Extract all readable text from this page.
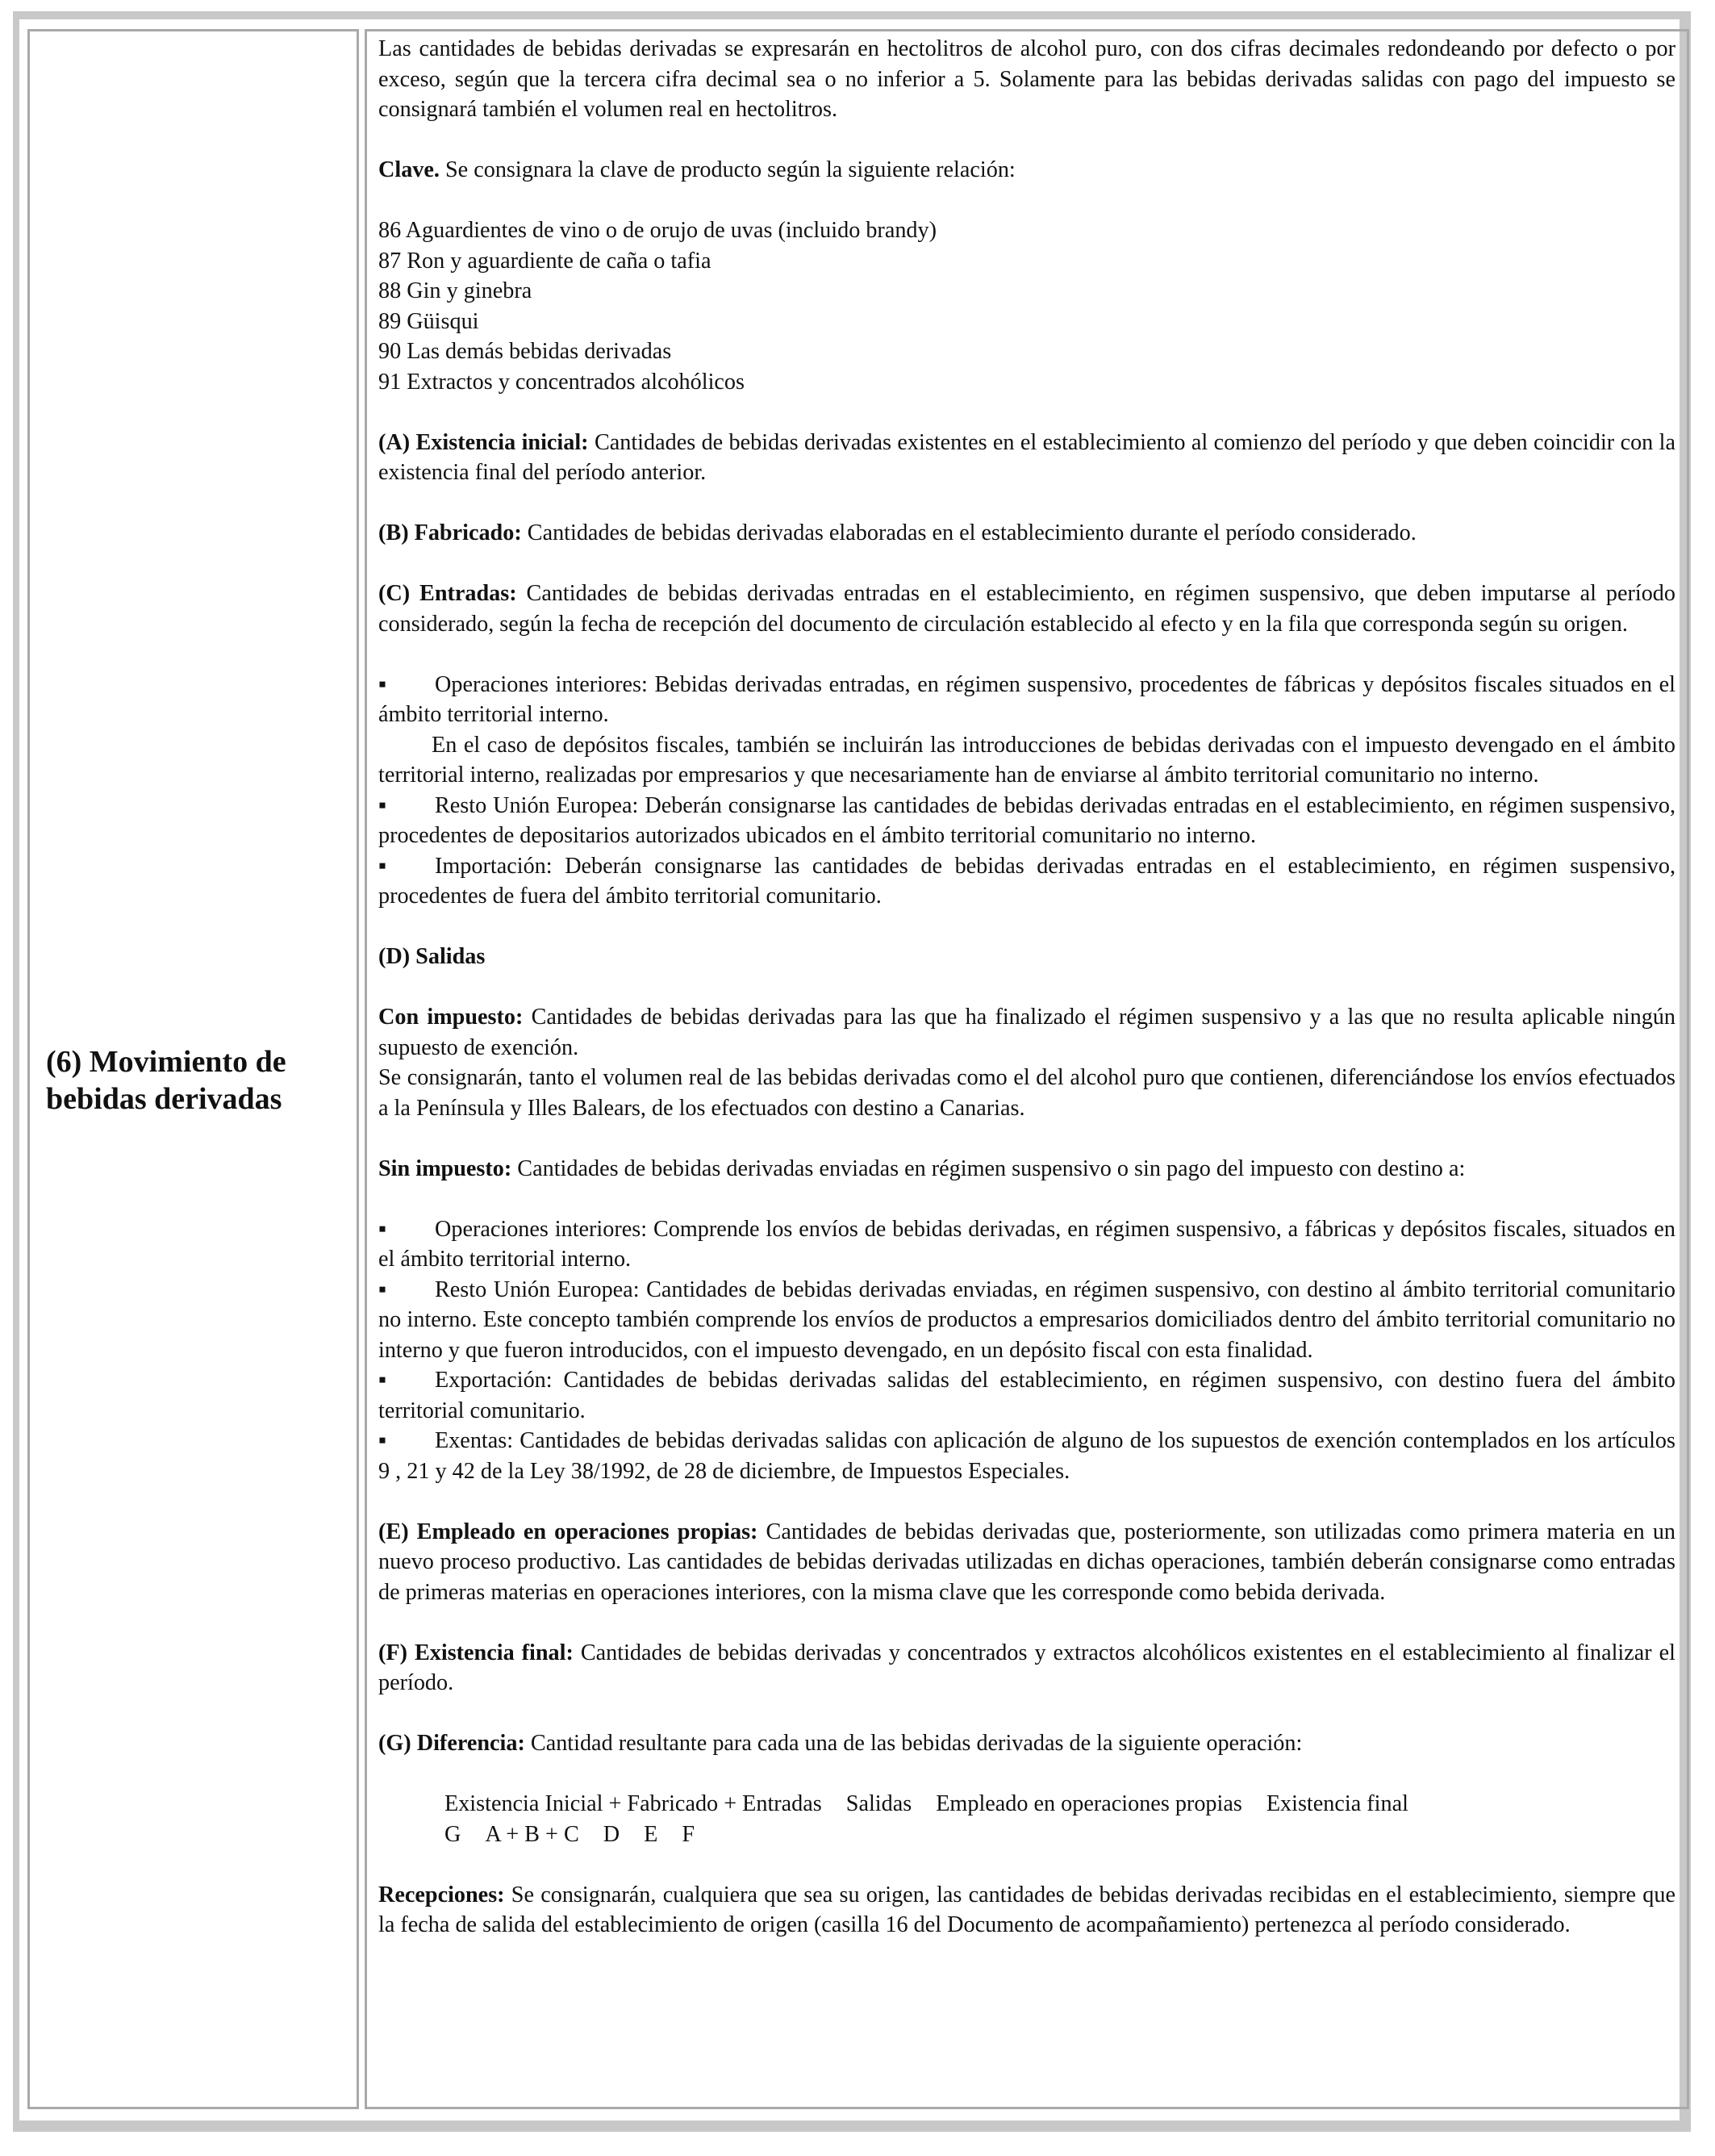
(6) Movimiento de bebidas derivadas

Las cantidades de bebidas derivadas se expresarán en hectolitros de alcohol puro, con dos cifras decimales redondeando por defecto o por exceso, según que la tercera cifra decimal sea o no inferior a 5. Solamente para las bebidas derivadas salidas con pago del impuesto se consignará también el volumen real en hectolitros.

Clave. Se consignara la clave de producto según la siguiente relación:

86 Aguardientes de vino o de orujo de uvas (incluido brandy)

87 Ron y aguardiente de caña o tafia

88 Gin y ginebra

89 Güisqui

90 Las demás bebidas derivadas

91 Extractos y concentrados alcohólicos

(A) Existencia inicial: Cantidades de bebidas derivadas existentes en el establecimiento al comienzo del período y que deben coincidir con la existencia final del período anterior.

(B) Fabricado: Cantidades de bebidas derivadas elaboradas en el establecimiento durante el período considerado.

(C) Entradas: Cantidades de bebidas derivadas entradas en el establecimiento, en régimen suspensivo, que deben imputarse al período considerado, según la fecha de recepción del documento de circulación establecido al efecto y en la fila que corresponda según su origen.

▪ Operaciones interiores: Bebidas derivadas entradas, en régimen suspensivo, procedentes de fábricas y depósitos fiscales situados en el ámbito territorial interno.

En el caso de depósitos fiscales, también se incluirán las introducciones de bebidas derivadas con el impuesto devengado en el ámbito territorial interno, realizadas por empresarios y que necesariamente han de enviarse al ámbito territorial comunitario no interno.

▪ Resto Unión Europea: Deberán consignarse las cantidades de bebidas derivadas entradas en el establecimiento, en régimen suspensivo, procedentes de depositarios autorizados ubicados en el ámbito territorial comunitario no interno.

▪ Importación: Deberán consignarse las cantidades de bebidas derivadas entradas en el establecimiento, en régimen suspensivo, procedentes de fuera del ámbito territorial comunitario.

(D) Salidas

Con impuesto: Cantidades de bebidas derivadas para las que ha finalizado el régimen suspensivo y a las que no resulta aplicable ningún supuesto de exención.

Se consignarán, tanto el volumen real de las bebidas derivadas como el del alcohol puro que contienen, diferenciándose los envíos efectuados a la Península y Illes Balears, de los efectuados con destino a Canarias.

Sin impuesto: Cantidades de bebidas derivadas enviadas en régimen suspensivo o sin pago del impuesto con destino a:

▪ Operaciones interiores: Comprende los envíos de bebidas derivadas, en régimen suspensivo, a fábricas y depósitos fiscales, situados en el ámbito territorial interno.

▪ Resto Unión Europea: Cantidades de bebidas derivadas enviadas, en régimen suspensivo, con destino al ámbito territorial comunitario no interno. Este concepto también comprende los envíos de productos a empresarios domiciliados dentro del ámbito territorial comunitario no interno y que fueron introducidos, con el impuesto devengado, en un depósito fiscal con esta finalidad.

▪ Exportación: Cantidades de bebidas derivadas salidas del establecimiento, en régimen suspensivo, con destino fuera del ámbito territorial comunitario.

▪ Exentas: Cantidades de bebidas derivadas salidas con aplicación de alguno de los supuestos de exención contemplados en los artículos 9 , 21 y 42 de la Ley 38/1992, de 28 de diciembre, de Impuestos Especiales.

(E) Empleado en operaciones propias: Cantidades de bebidas derivadas que, posteriormente, son utilizadas como primera materia en un nuevo proceso productivo. Las cantidades de bebidas derivadas utilizadas en dichas operaciones, también deberán consignarse como entradas de primeras materias en operaciones interiores, con la misma clave que les corresponde como bebida derivada.

(F) Existencia final: Cantidades de bebidas derivadas y concentrados y extractos alcohólicos existentes en el establecimiento al finalizar el período.

(G) Diferencia: Cantidad resultante para cada una de las bebidas derivadas de la siguiente operación:

Existencia Inicial + Fabricado + Entradas Salidas Empleado en operaciones propias Existencia final

G A + B + C D E F

Recepciones: Se consignarán, cualquiera que sea su origen, las cantidades de bebidas derivadas recibidas en el establecimiento, siempre que la fecha de salida del establecimiento de origen (casilla 16 del Documento de acompañamiento) pertenezca al período considerado.
